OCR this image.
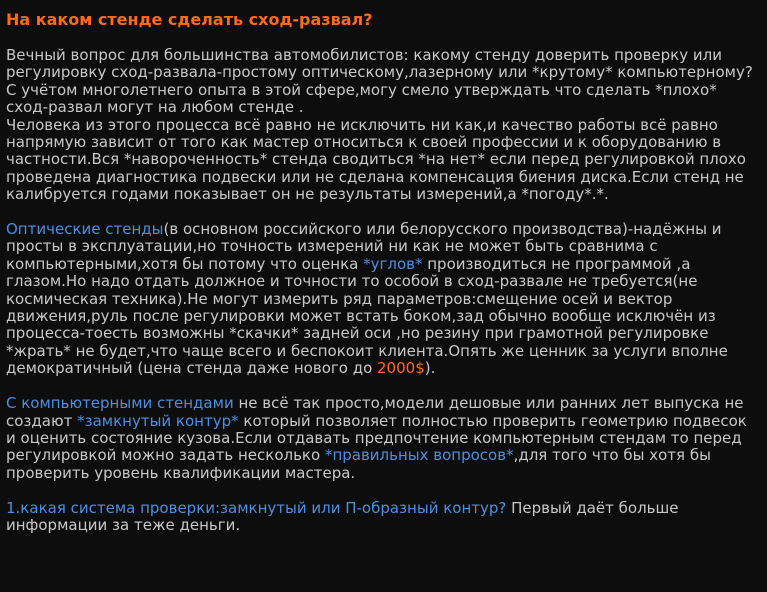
На каком стенде сделать сход-развал?

Вечный вопрос для большинства автомобилистов: какому стенду доверить проверку или регулировку сход-развала-простому оптическому,лазерному или *крутому* компьютерному?

С учётом многолетнего опыта в этой сфере,могу смело утверждать что сделать *плохо* сход-развал могут на любом стенде .

Человека из этого процесса всё равно не исключить ни как,и качество работы всё равно напрямую зависит от того как мастер относиться к своей профессии и к оборудованию в частности.Вся *навороченность* стенда сводиться *на нет* если перед регулировкой плохо проведена диагностика подвески или не сделана компенсация биения диска.Если стенд не калибруется годами показывает он не результаты измерений,а *погоду*.*.

Оптические стенды(в основном российского или белорусского производства)-надёжны и просты в эксплуатации,но точность измерений ни как не может быть сравнима с компьютерными,хотя бы потому что оценка *углов* производиться не программой ,а глазом.Но надо отдать должное и точности то особой в сход-развале не требуется(не космическая техника).Не могут измерить ряд параметров:смещение осей и вектор движения,руль после регулировки может встать боком,зад обычно вообще исключён из процесса-тоесть возможны *скачки* задней оси ,но резину при грамотной регулировке *жрать* не будет,что чаще всего и беспокоит клиента.Опять же ценник за услуги вполне демократичный (цена стенда даже нового до 2000$).

С компьютерными стендами не всё так просто,модели дешовые или ранних лет выпуска не создают *замкнутый контур* который позволяет полностью проверить геометрию подвесок и оценить состояние кузова.Если отдавать предпочтение компьютерным стендам то перед регулировкой можно задать несколько *правильных вопросов*,для того что бы хотя бы проверить уровень квалификации мастера.

1.какая система проверки:замкнутый или П-образный контур? Первый даёт больше информации за теже деньги.
